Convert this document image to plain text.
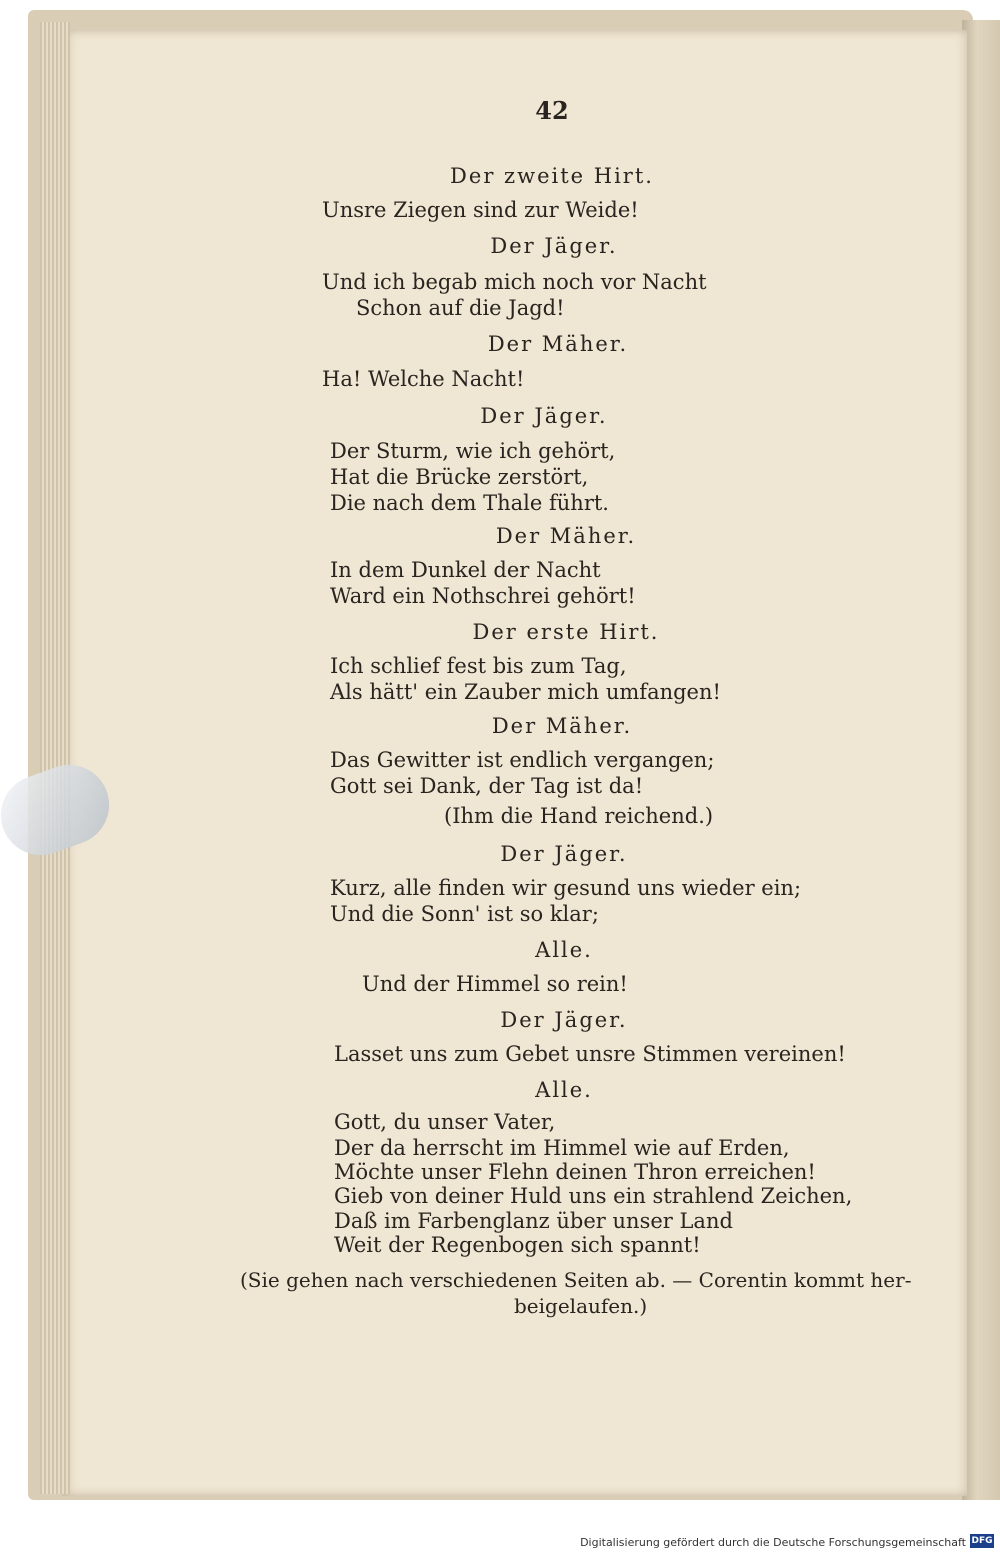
42
Der zweite Hirt.
Unsre Ziegen sind zur Weide!
Der Jäger.
Und ich begab mich noch vor Nacht
Schon auf die Jagd!
Der Mäher.
Ha! Welche Nacht!
Der Jäger.
Der Sturm, wie ich gehört,
Hat die Brücke zerstört,
Die nach dem Thale führt.
Der Mäher.
In dem Dunkel der Nacht
Ward ein Nothschrei gehört!
Der erste Hirt.
Ich schlief fest bis zum Tag,
Als hätt' ein Zauber mich umfangen!
Der Mäher.
Das Gewitter ist endlich vergangen;
Gott sei Dank, der Tag ist da!
(Ihm die Hand reichend.)
Der Jäger.
Kurz, alle finden wir gesund uns wieder ein;
Und die Sonn' ist so klar;
Alle.
Und der Himmel so rein!
Der Jäger.
Lasset uns zum Gebet unsre Stimmen vereinen!
Alle.
Gott, du unser Vater,
Der da herrscht im Himmel wie auf Erden,
Möchte unser Flehn deinen Thron erreichen!
Gieb von deiner Huld uns ein strahlend Zeichen,
Daß im Farbenglanz über unser Land
Weit der Regenbogen sich spannt!
(Sie gehen nach verschiedenen Seiten ab. — Corentin kommt her-
beigelaufen.)
Digitalisierung gefördert durch die Deutsche Forschungsgemeinschaft DFG
